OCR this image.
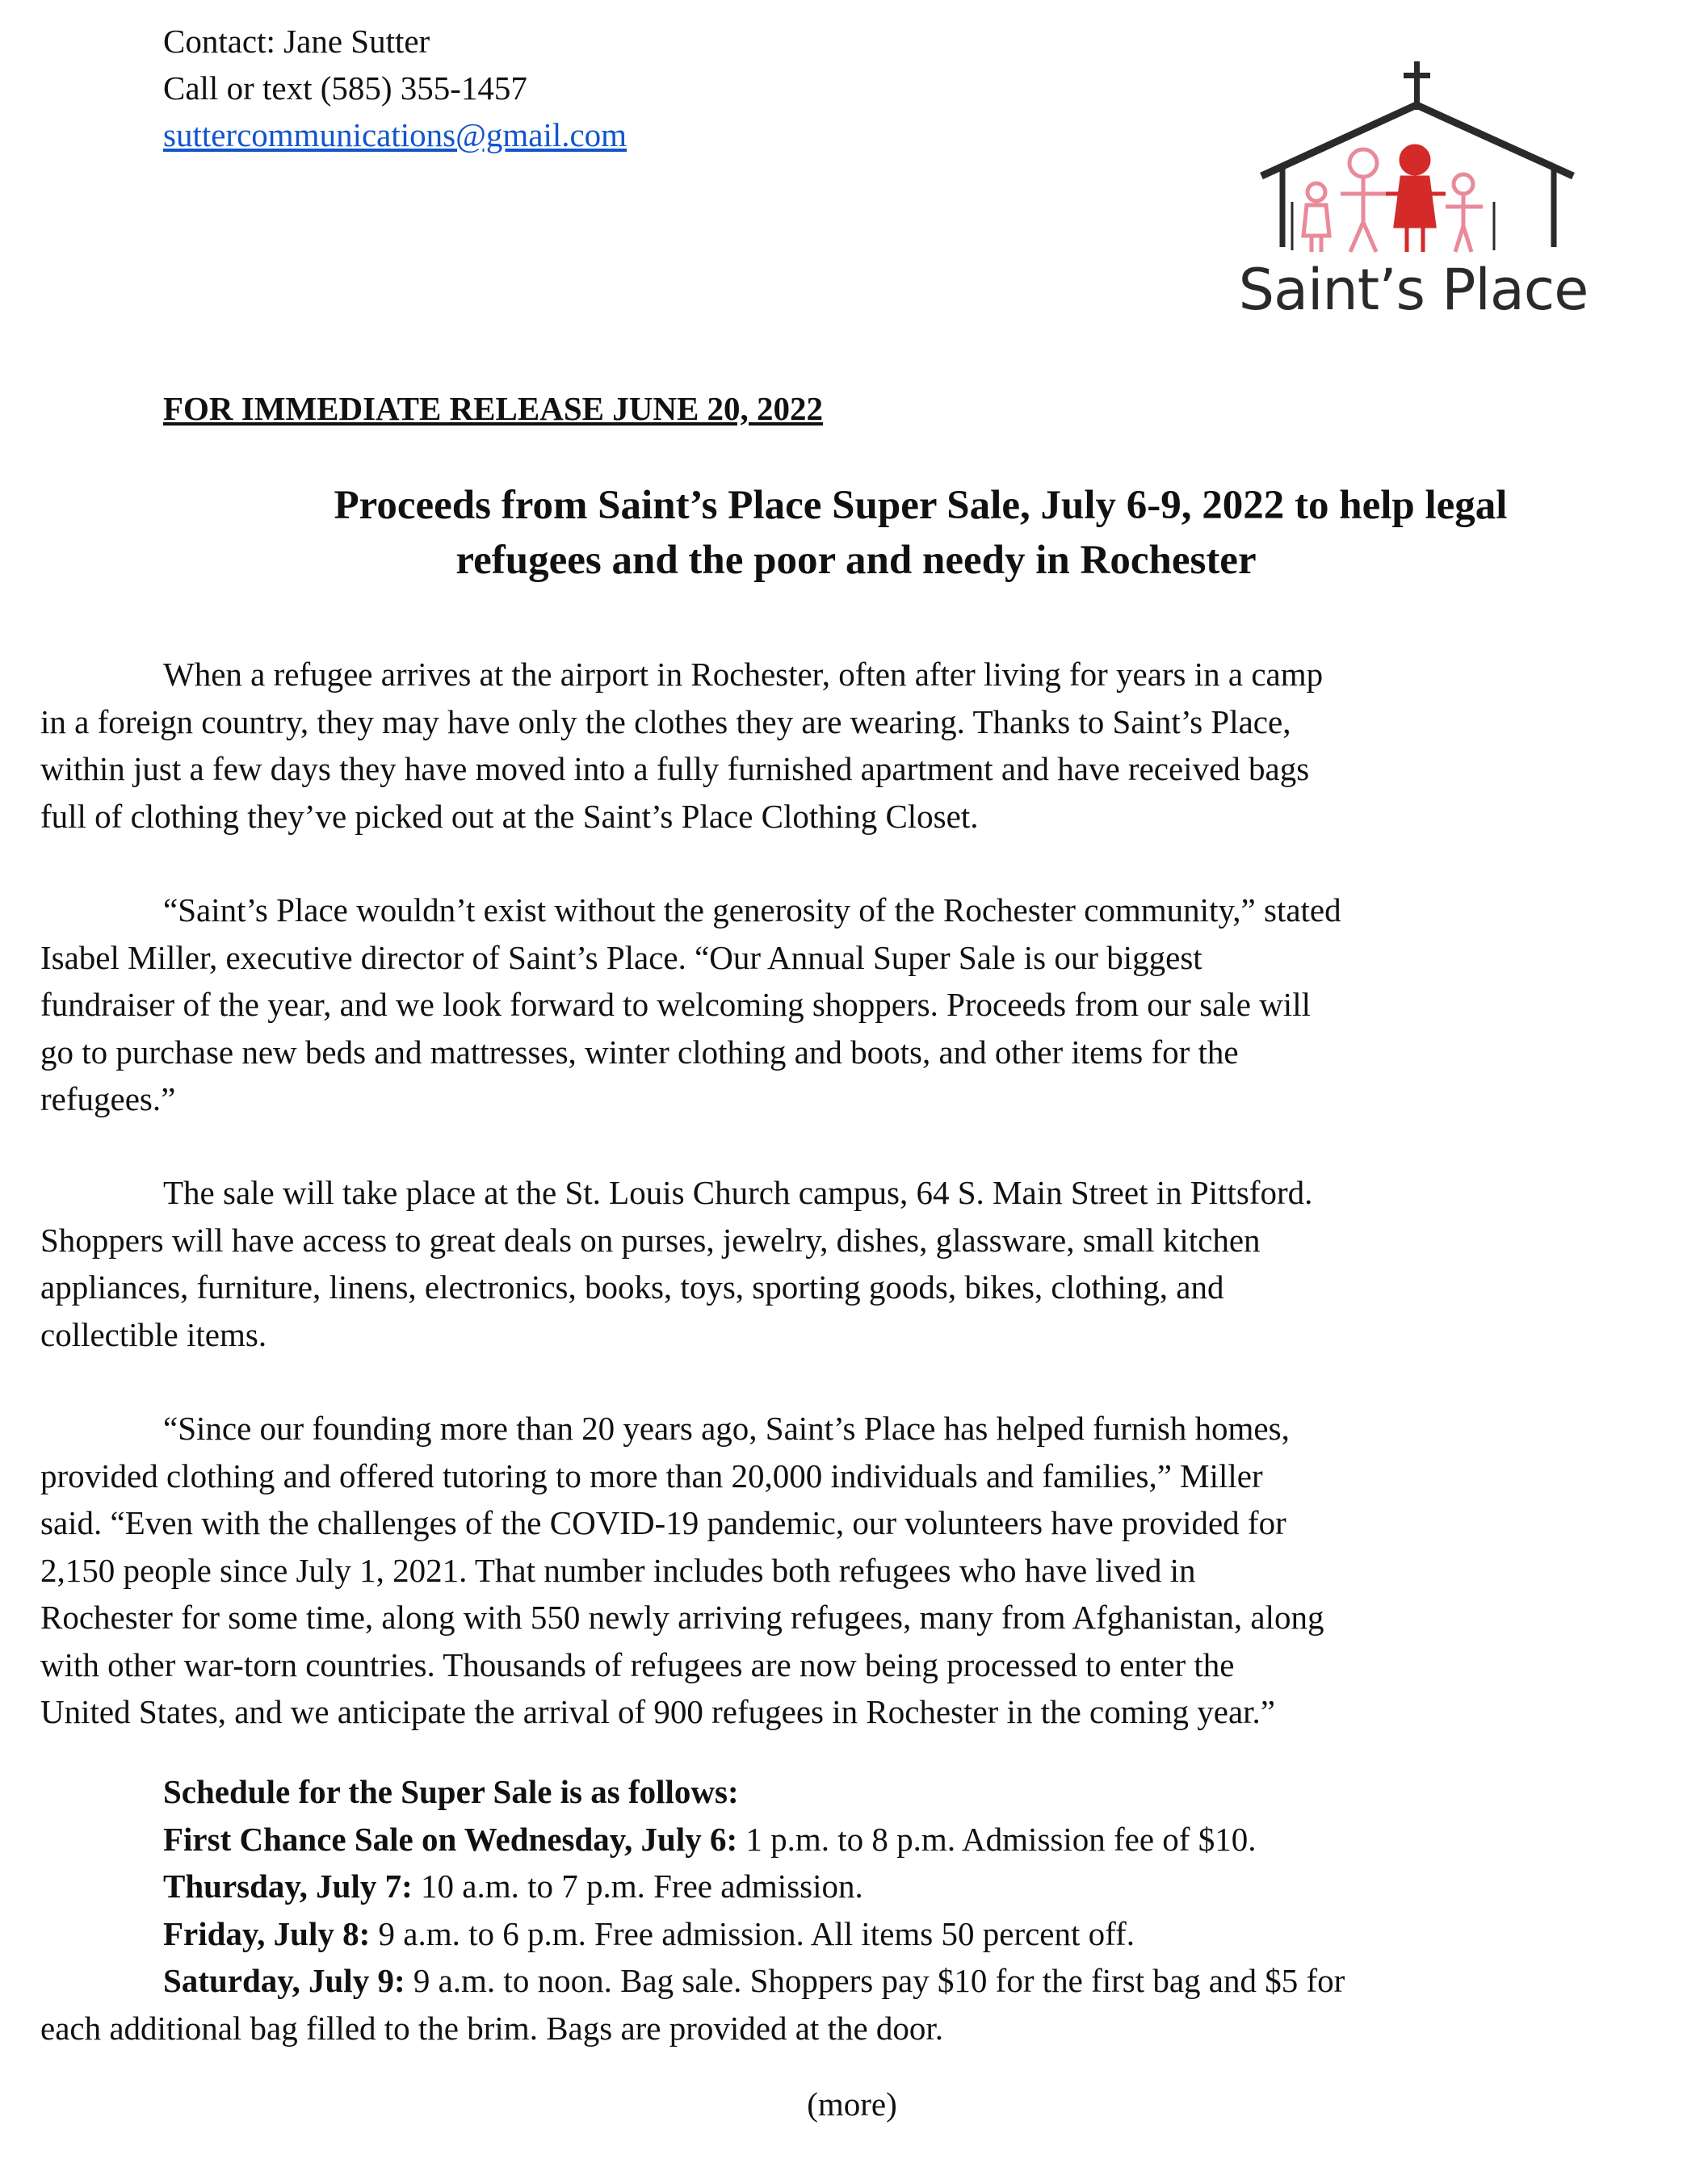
Contact: Jane Sutter
Call or text (585) 355-1457
suttercommunications@gmail.com
Saint’s Place
FOR IMMEDIATE RELEASE JUNE 20, 2022
Proceeds from Saint’s Place Super Sale, July 6-9, 2022 to help legal
refugees and the poor and needy in Rochester
When a refugee arrives at the airport in Rochester, often after living for years in a camp
in a foreign country, they may have only the clothes they are wearing. Thanks to Saint’s Place,
within just a few days they have moved into a fully furnished apartment and have received bags
full of clothing they’ve picked out at the Saint’s Place Clothing Closet.
“Saint’s Place wouldn’t exist without the generosity of the Rochester community,” stated
Isabel Miller, executive director of Saint’s Place. “Our Annual Super Sale is our biggest
fundraiser of the year, and we look forward to welcoming shoppers. Proceeds from our sale will
go to purchase new beds and mattresses, winter clothing and boots, and other items for the
refugees.”
The sale will take place at the St. Louis Church campus, 64 S. Main Street in Pittsford.
Shoppers will have access to great deals on purses, jewelry, dishes, glassware, small kitchen
appliances, furniture, linens, electronics, books, toys, sporting goods, bikes, clothing, and
collectible items.
“Since our founding more than 20 years ago, Saint’s Place has helped furnish homes,
provided clothing and offered tutoring to more than 20,000 individuals and families,” Miller
said. “Even with the challenges of the COVID-19 pandemic, our volunteers have provided for
2,150 people since July 1, 2021. That number includes both refugees who have lived in
Rochester for some time, along with 550 newly arriving refugees, many from Afghanistan, along
with other war-torn countries. Thousands of refugees are now being processed to enter the
United States, and we anticipate the arrival of 900 refugees in Rochester in the coming year.”
Schedule for the Super Sale is as follows:
First Chance Sale on Wednesday, July 6: 1 p.m. to 8 p.m. Admission fee of $10.
Thursday, July 7: 10 a.m. to 7 p.m. Free admission.
Friday, July 8: 9 a.m. to 6 p.m. Free admission. All items 50 percent off.
Saturday, July 9: 9 a.m. to noon. Bag sale. Shoppers pay $10 for the first bag and $5 for
each additional bag filled to the brim. Bags are provided at the door.
(more)
